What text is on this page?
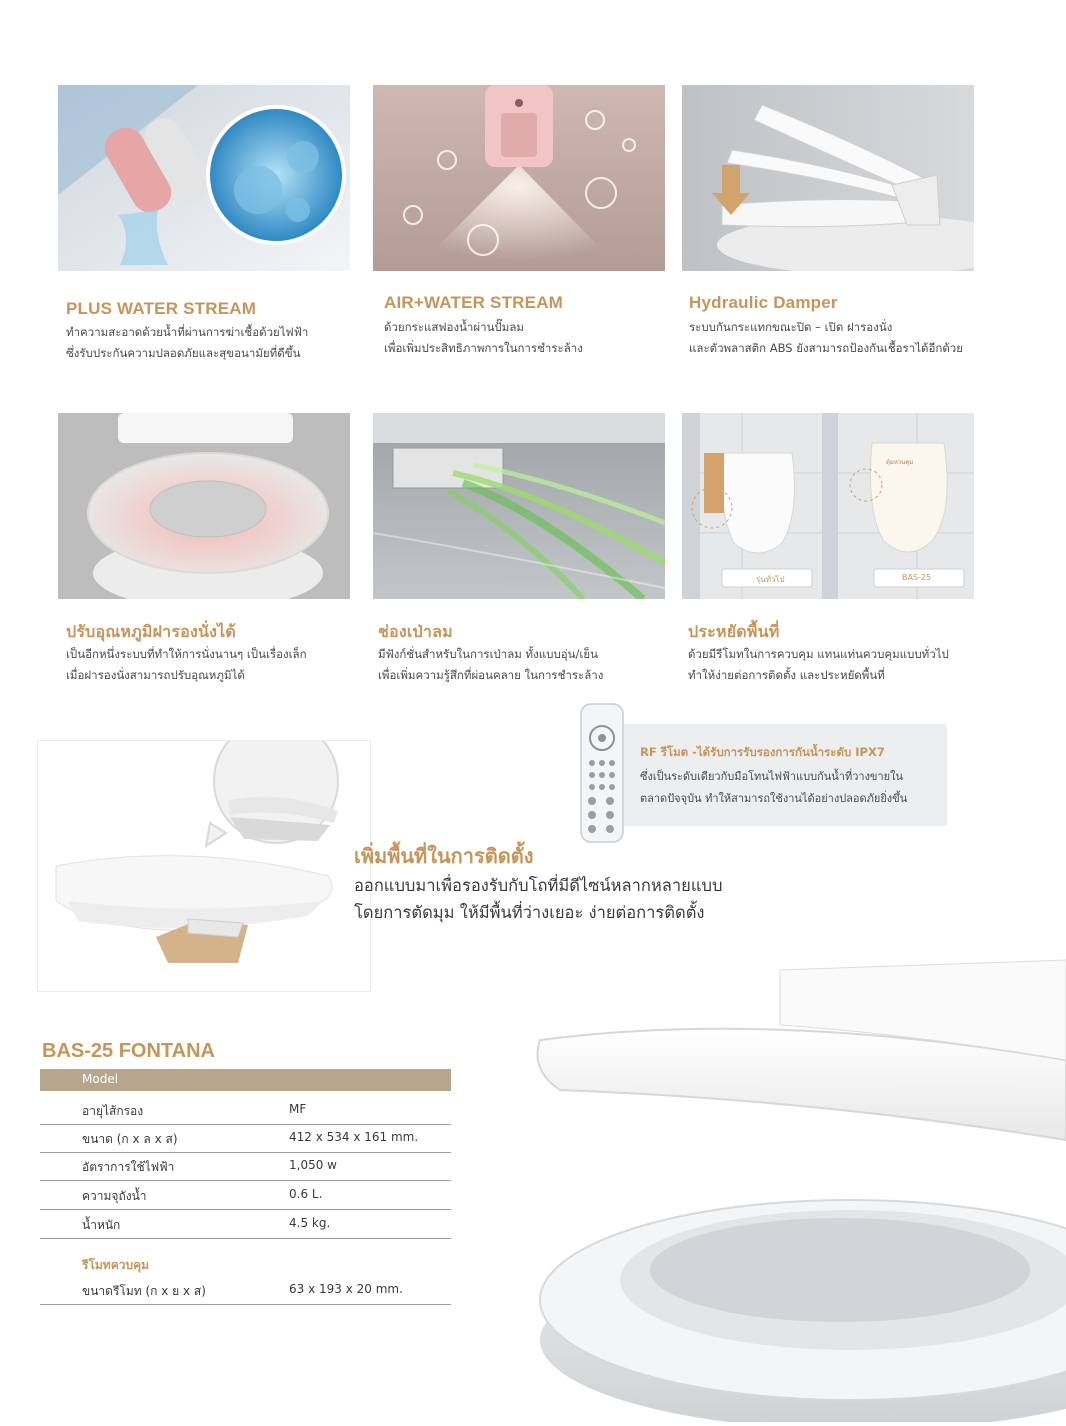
PLUS WATER STREAM
ทำความสะอาดด้วยน้ำที่ผ่านการฆ่าเชื้อด้วยไฟฟ้า
ซึ่งรับประกันความปลอดภัยและสุขอนามัยที่ดีขึ้น
AIR+WATER STREAM
ด้วยกระแสฟองน้ำผ่านปั๊มลม
เพื่อเพิ่มประสิทธิภาพการในการชำระล้าง
Hydraulic Damper
ระบบกันกระแทกขณะปิด – เปิด ฝารองนั่ง
และตัวพลาสติก ABS ยังสามารถป้องกันเชื้อราได้อีกด้วย
รุ่นทั่วไป	BAS-25
ตุ้มหวนคุม
ปรับอุณหภูมิฝารองนั่งได้
เป็นอีกหนึ่งระบบที่ทำให้การนั่งนานๆ เป็นเรื่องเล็ก
เมื่อฝารองนั่งสามารถปรับอุณหภูมิได้
ช่องเป่าลม
มีฟังก์ชั่นสำหรับในการเป่าลม ทั้งแบบอุ่น/เย็น
เพื่อเพิ่มความรู้สึกที่ผ่อนคลาย ในการชำระล้าง
ประหยัดพื้นที่
ด้วยมีรีโมทในการควบคุม แทนแท่นควบคุมแบบทั่วไป
ทำให้ง่ายต่อการติดตั้ง และประหยัดพื้นที่
RF รีโมต -ได้รับการรับรองการกันน้ำระดับ IPX7
ซึ่งเป็นระดับเดียวกับมือโทนไฟฟ้าแบบกันน้ำที่วางขายใน
ตลาดปัจจุบัน ทำให้สามารถใช้งานได้อย่างปลอดภัยยิ่งขึ้น
เพิ่มพื้นที่ในการติดตั้ง
ออกแบบมาเพื่อรองรับกับโถที่มีดีไซน์หลากหลายแบบ
โดยการตัดมุม ให้มีพื้นที่ว่างเยอะ ง่ายต่อการติดตั้ง
BAS-25 FONTANA
Model
อายุไส้กรอง	MF
ขนาด (ก x ล x ส)	412 x 534 x 161 mm.
อัตราการใช้ไฟฟ้า	1,050 w
ความจุถังน้ำ	0.6 L.
น้ำหนัก	4.5 kg.
รีโมทควบคุม
ขนาดรีโมท (ก x ย x ส)	63 x 193 x 20 mm.
